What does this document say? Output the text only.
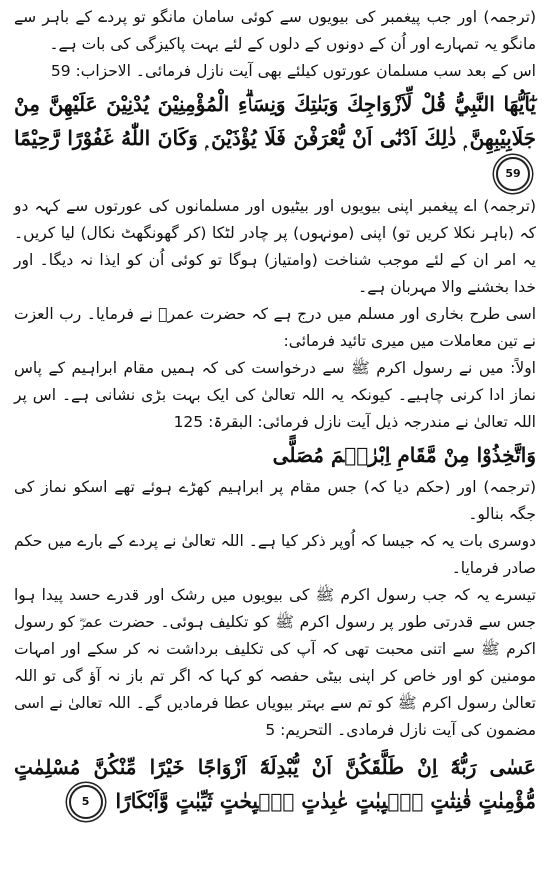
(ترجمہ) اور جب پیغمبر کی بیویوں سے کوئی سامان مانگو تو پردے کے باہر سے مانگو یہ تمہارے اور اُن کے دونوں کے دلوں کے لئے بہت پاکیزگی کی بات ہے۔

اس کے بعد سب مسلمان عورتوں کیلئے بھی آیت نازل فرمائی۔ الاحزاب: 59

يٰٓاَيُّهَا النَّبِيُّ قُلْ لِّاَزْوَاجِكَ وَبَنٰتِكَ وَنِسَاۗءِ الْمُؤْمِنِيْنَ يُدْنِيْنَ عَلَيْهِنَّ مِنْ جَلَابِيْبِهِنَّ ۭ ذٰلِكَ اَدْنٰٓى اَنْ يُّعْرَفْنَ فَلَا يُؤْذَيْنَ ۭ وَكَانَ اللّٰهُ غَفُوْرًا رَّحِيْمًا 59

(ترجمہ) اے پیغمبر اپنی بیویوں اور بیٹیوں اور مسلمانوں کی عورتوں سے کہہ دو کہ (باہر نکلا کریں تو) اپنی (مونہوں) پر چادر لٹکا (کر گھونگھٹ نکال) لیا کریں۔ یہ امر ان کے لئے موجب شناخت (وامتیاز) ہوگا تو کوئی اُن کو ایذا نہ دیگا۔ اور خدا بخشنے والا مہربان ہے۔

اسی طرح بخاری اور مسلم میں درج ہے کہ حضرت عمرؓ نے فرمایا۔ رب العزت نے تین معاملات میں میری تائید فرمائی:

اولاً: میں نے رسول اکرم ﷺ سے درخواست کی کہ ہمیں مقام ابراہیم کے پاس نماز ادا کرنی چاہیے۔ کیونکہ یہ اللہ تعالیٰ کی ایک بہت بڑی نشانی ہے۔ اس پر اللہ تعالیٰ نے مندرجہ ذیل آیت نازل فرمائی: البقرۃ: 125

وَاتَّخِذُوْا مِنْ مَّقَامِ اِبْرٰهٖمَ مُصَلًّى

(ترجمہ) اور (حکم دیا کہ) جس مقام پر ابراہیم کھڑے ہوئے تھے اسکو نماز کی جگہ بنالو۔

دوسری بات یہ کہ جیسا کہ اُوپر ذکر کیا ہے۔ اللہ تعالیٰ نے پردے کے بارے میں حکم صادر فرمایا۔

تیسرے یہ کہ جب رسول اکرم ﷺ کی بیویوں میں رشک اور قدرے حسد پیدا ہوا جس سے قدرتی طور پر رسول اکرم ﷺ کو تکلیف ہوئی۔ حضرت عمرؓ کو رسول اکرم ﷺ سے اتنی محبت تھی کہ آپ کی تکلیف برداشت نہ کر سکے اور امہات مومنین کو اور خاص کر اپنی بیٹی حفصہ کو کہا کہ اگر تم باز نہ آؤ گی تو اللہ تعالیٰ رسول اکرم ﷺ کو تم سے بہتر بیویاں عطا فرمادیں گے۔ اللہ تعالیٰ نے اسی مضمون کی آیت نازل فرمادی۔ التحریم: 5

عَسٰى رَبُّهٗٓ اِنْ طَلَّقَكُنَّ اَنْ يُّبْدِلَهٗٓ اَزْوَاجًا خَيْرًا مِّنْكُنَّ مُسْلِمٰتٍ مُّؤْمِنٰتٍ قٰنِتٰتٍ تٰۗىِٕبٰتٍ عٰبِدٰتٍ سٰۗىِٕحٰتٍ ثَيِّبٰتٍ وَّاَبْكَارًا 5
